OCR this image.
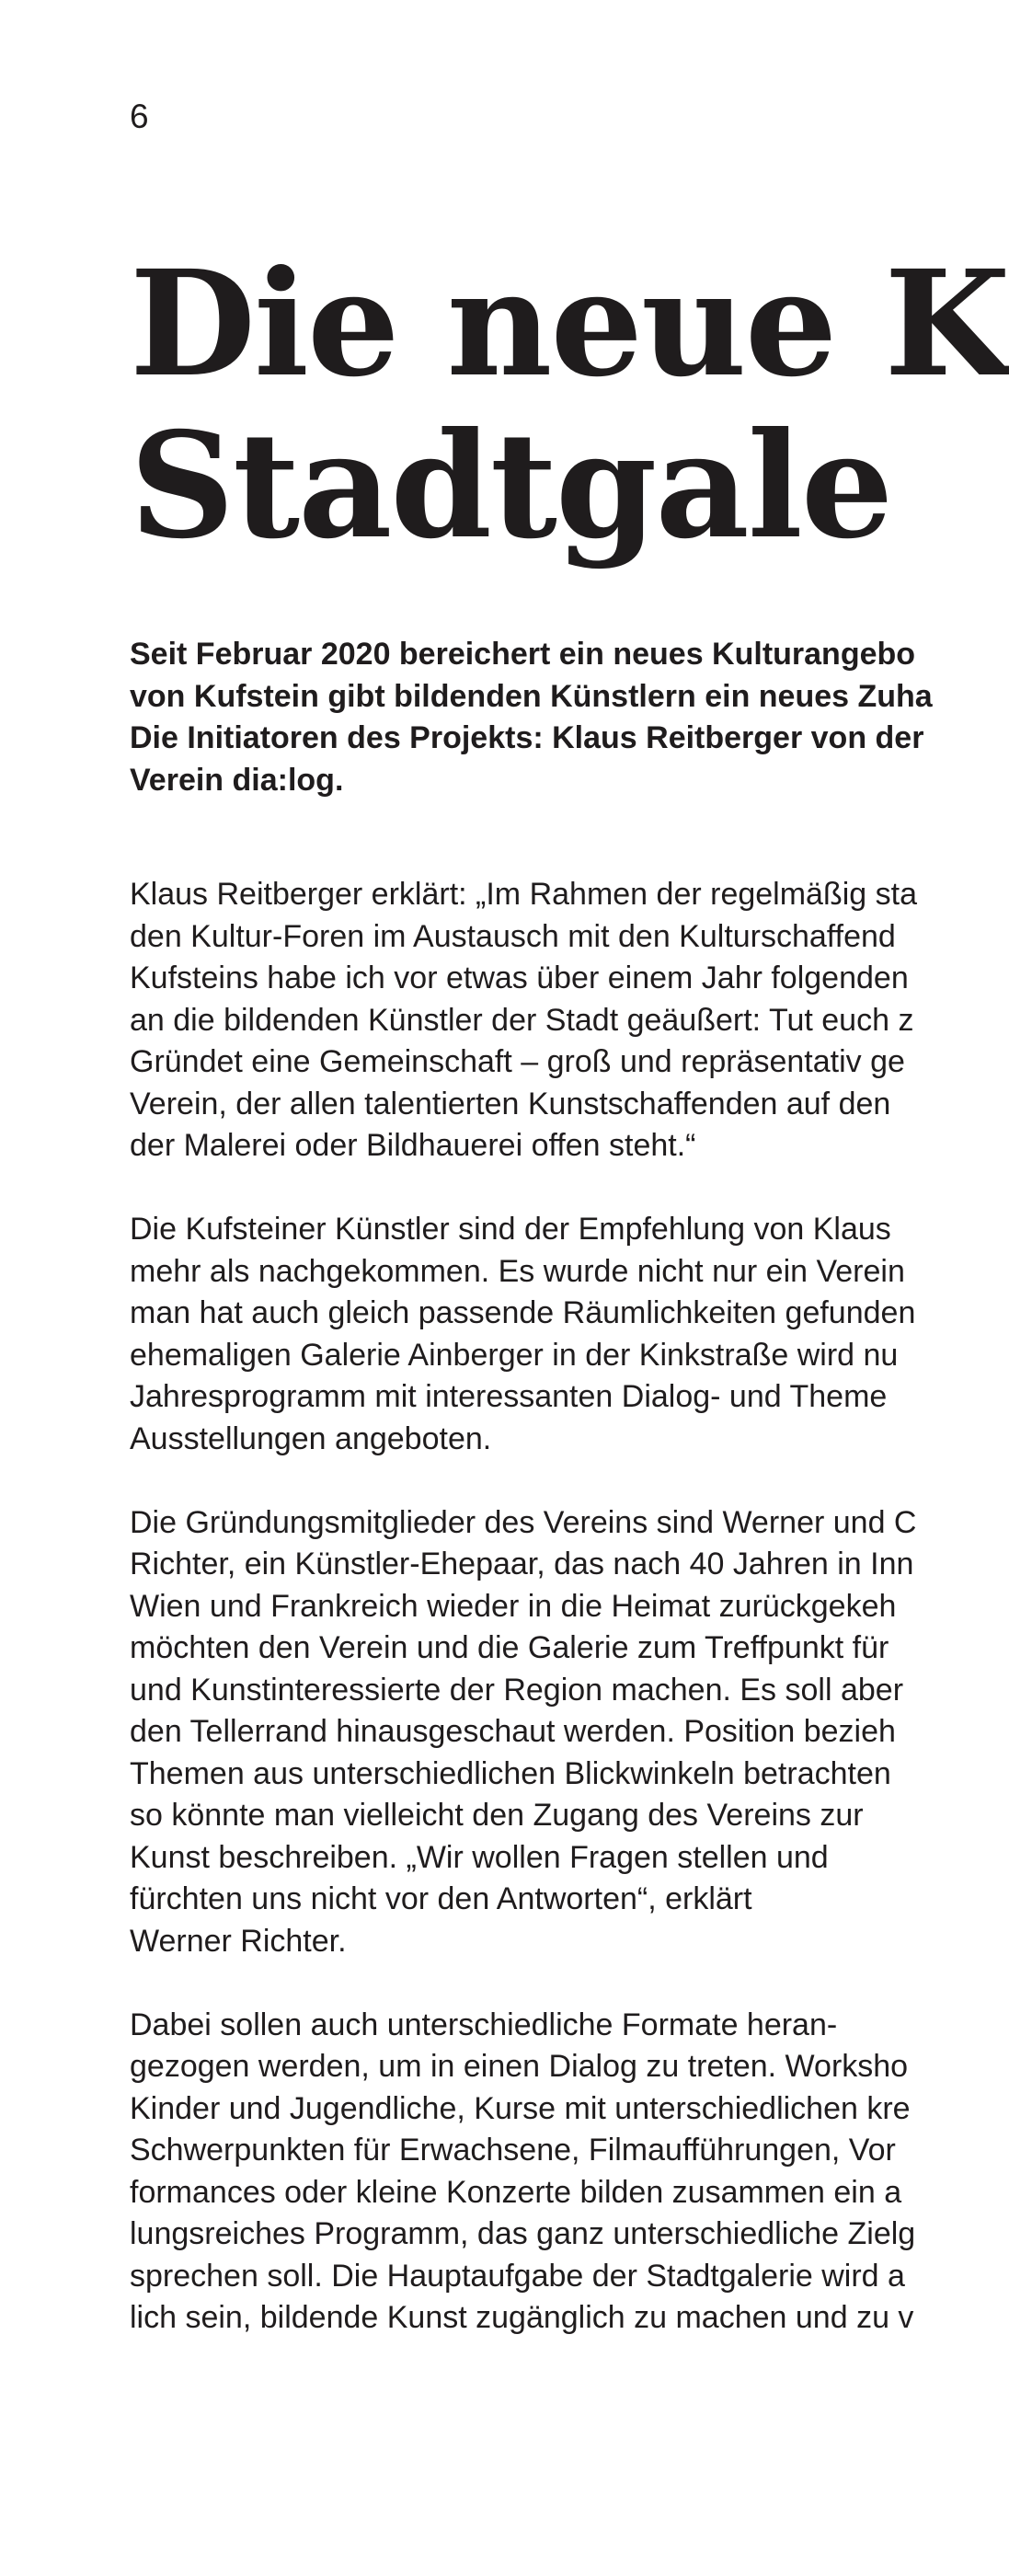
6
Die neue K
Stadtgale

Seit Februar 2020 bereichert ein neues Kulturangebo
von Kufstein gibt bildenden Künstlern ein neues Zuha
Die Initiatoren des Projekts: Klaus Reitberger von der
Verein dia:log.

Klaus Reitberger erklärt: „Im Rahmen der regelmäßig sta
den Kultur-Foren im Austausch mit den Kulturschaffend
Kufsteins habe ich vor etwas über einem Jahr folgenden
an die bildenden Künstler der Stadt geäußert: Tut euch z
Gründet eine Gemeinschaft – groß und repräsentativ ge
Verein, der allen talentierten Kunstschaffenden auf den
der Malerei oder Bildhauerei offen steht.“

Die Kufsteiner Künstler sind der Empfehlung von Klaus
mehr als nachgekommen. Es wurde nicht nur ein Verein
man hat auch gleich passende Räumlichkeiten gefunden
ehemaligen Galerie Ainberger in der Kinkstraße wird nu
Jahresprogramm mit interessanten Dialog- und Theme
Ausstellungen angeboten.

Die Gründungsmitglieder des Vereins sind Werner und C
Richter, ein Künstler-Ehepaar, das nach 40 Jahren in Inn
Wien und Frankreich wieder in die Heimat zurückgekeh
möchten den Verein und die Galerie zum Treffpunkt für
und Kunstinteressierte der Region machen. Es soll aber
den Tellerrand hinausgeschaut werden. Position bezieh
Themen aus unterschiedlichen Blickwinkeln betrachten
so könnte man vielleicht den Zugang des Vereins zur
Kunst beschreiben. „Wir wollen Fragen stellen und
fürchten uns nicht vor den Antworten“, erklärt
Werner Richter.

Dabei sollen auch unterschiedliche Formate heran-
gezogen werden, um in einen Dialog zu treten. Worksho
Kinder und Jugendliche, Kurse mit unterschiedlichen kre
Schwerpunkten für Erwachsene, Filmaufführungen, Vor
formances oder kleine Konzerte bilden zusammen ein a
lungsreiches Programm, das ganz unterschiedliche Zielg
sprechen soll. Die Hauptaufgabe der Stadtgalerie wird a
lich sein, bildende Kunst zugänglich zu machen und zu v
